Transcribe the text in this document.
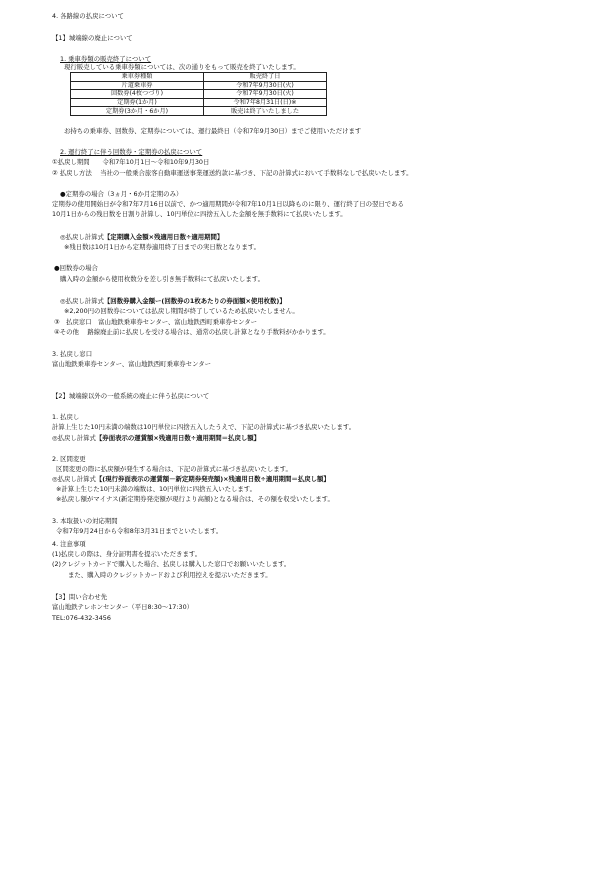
4. 各路線の払戻について
【1】城端線の廃止について
1. 乗車券類の販売終了について
現行販売している乗車券類については、次の通りをもって販売を終了いたします。
乗車券種類	販売終了日
片道乗車券	令和7年9月30日(火)
回数券(4枚つづり)	令和7年9月30日(火)
定期券(1か月)	令和7年8月31日(日)※
定期券(3か月・6か月)	販売は終了いたしました
お持ちの乗車券、回数券、定期券については、運行最終日（令和7年9月30日）までご使用いただけます
2. 運行終了に伴う回数券・定期券の払戻について
①払戻し期間　　令和7年10月1日～令和10年9月30日
② 払戻し方法　 当社の一般乗合旅客自動車運送事業運送約款に基づき、下記の計算式において手数料なしで払戻いたします。
●定期券の場合（3ヵ月・6か月定期のみ）
定期券の使用開始日が令和7年7月16日以前で、かつ適用期間が令和7年10月1日以降ものに限り、運行終了日の翌日である
10月1日からの残日数を日割り計算し、10円単位に四捨五入した金額を無手数料にて払戻いたします。
◎払戻し計算式【定期購入金額×残適用日数÷適用期間】
※残日数は10月1日から定期券適用終了日までの実日数となります。
●回数券の場合
購入時の金額から使用枚数分を差し引き無手数料にて払戻いたします。
◎払戻し計算式【回数券購入金額ー(回数券の1枚あたりの券面額×使用枚数)】
※2,200円の回数券については払戻し期間が終了しているため払戻いたしません。
③　払戻窓口　富山地鉄乗車券センター、富山地鉄西町乗車券センター
④その他　 路線廃止前に払戻しを受ける場合は、通常の払戻し計算となり手数料がかかります。
3. 払戻し窓口
富山地鉄乗車券センター、富山地鉄西町乗車券センター
【2】城端線以外の一般系統の廃止に伴う払戻について
1. 払戻し
計算上生じた10円未満の端数は10円単位に四捨五入したうえで、下記の計算式に基づき払戻いたします。
◎払戻し計算式【券面表示の運賃額×残適用日数÷適用期間＝払戻し額】
2. 区間変更
区間変更の際に払戻額が発生する場合は、下記の計算式に基づき払戻いたします。
◎払戻し計算式【(現行券面表示の運賃額－新定期券発売額)×残適用日数÷適用期間＝払戻し額】
※計算上生じた10円未満の端数は、10円単位に四捨五入いたします。
※払戻し額がマイナス(新定期券発売額が現行より高額)となる場合は、その額を収受いたします。
3. 本取扱いの対応期間
令和7年9月24日から令和8年3月31日までといたします。
4. 注意事項
(1)払戻しの際は、身分証明書を提示いただきます。
(2)クレジットカードで購入した場合、払戻しは購入した窓口でお願いいたします。
また、購入時のクレジットカードおよび利用控えを提示いただきます。
【3】問い合わせ先
富山地鉄テレホンセンター（平日8:30～17:30）
TEL:076-432-3456
